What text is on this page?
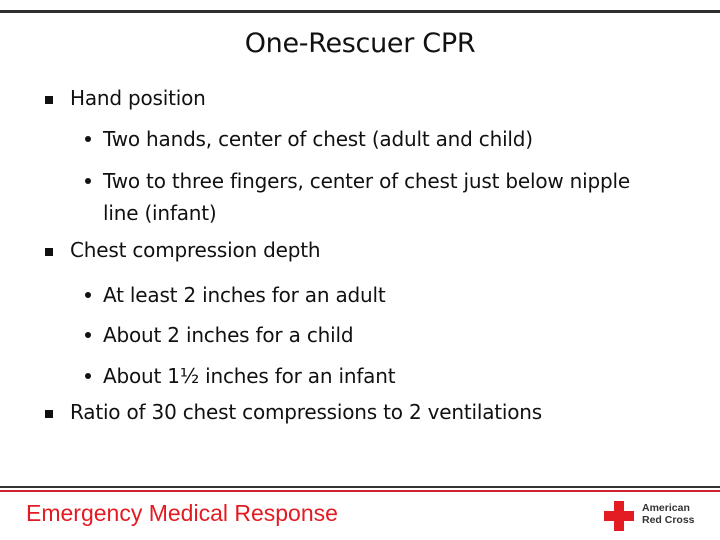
One-Rescuer CPR
Hand position
Two hands, center of chest (adult and child)
Two to three fingers, center of chest just below nipple line (infant)
Chest compression depth
At least 2 inches for an adult
About 2 inches for a child
About 1½ inches for an infant
Ratio of 30 chest compressions to 2 ventilations
Emergency Medical Response	American
Red Cross
